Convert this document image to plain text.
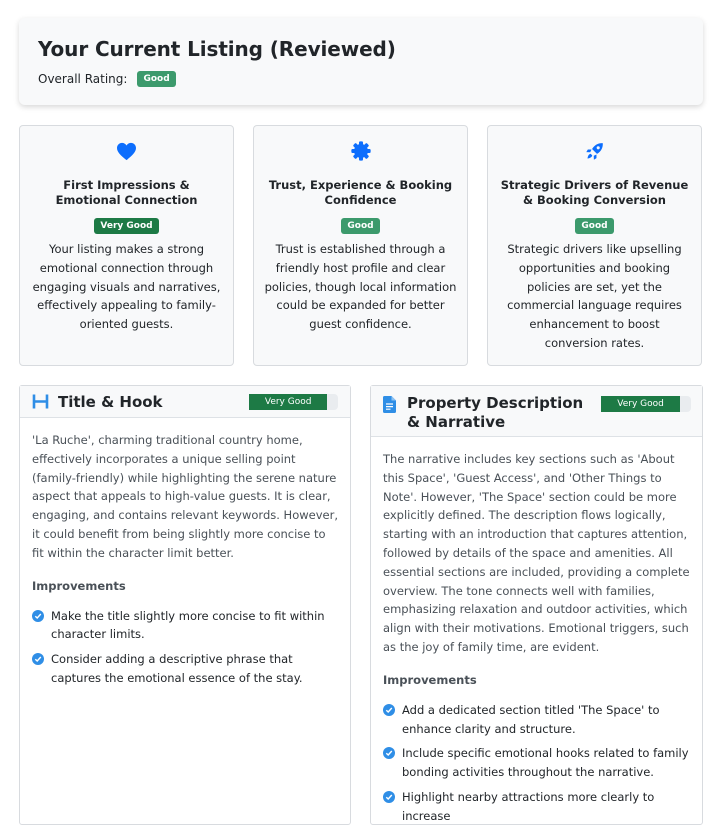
Your Current Listing (Reviewed)
Overall Rating:	Good
First Impressions & Emotional Connection
Very Good
Your listing makes a strong emotional connection through engaging visuals and narratives, effectively appealing to family-oriented guests.
Trust, Experience & Booking Confidence
Good
Trust is established through a friendly host profile and clear policies, though local information could be expanded for better guest confidence.
Strategic Drivers of Revenue & Booking Conversion
Good
Strategic drivers like upselling opportunities and booking policies are set, yet the commercial language requires enhancement to boost conversion rates.
Title & Hook	Very Good
'La Ruche', charming traditional country home, effectively incorporates a unique selling point (family-friendly) while highlighting the serene nature aspect that appeals to high-value guests. It is clear, engaging, and contains relevant keywords. However, it could benefit from being slightly more concise to fit within the character limit better.
Improvements
Make the title slightly more concise to fit within character limits.
Consider adding a descriptive phrase that captures the emotional essence of the stay.
Property Description & Narrative
Very Good
The narrative includes key sections such as 'About this Space', 'Guest Access', and 'Other Things to Note'. However, 'The Space' section could be more explicitly defined. The description flows logically, starting with an introduction that captures attention, followed by details of the space and amenities. All essential sections are included, providing a complete overview. The tone connects well with families, emphasizing relaxation and outdoor activities, which align with their motivations. Emotional triggers, such as the joy of family time, are evident.
Improvements
Add a dedicated section titled 'The Space' to enhance clarity and structure.
Include specific emotional hooks related to family bonding activities throughout the narrative.
Highlight nearby attractions more clearly to increase
